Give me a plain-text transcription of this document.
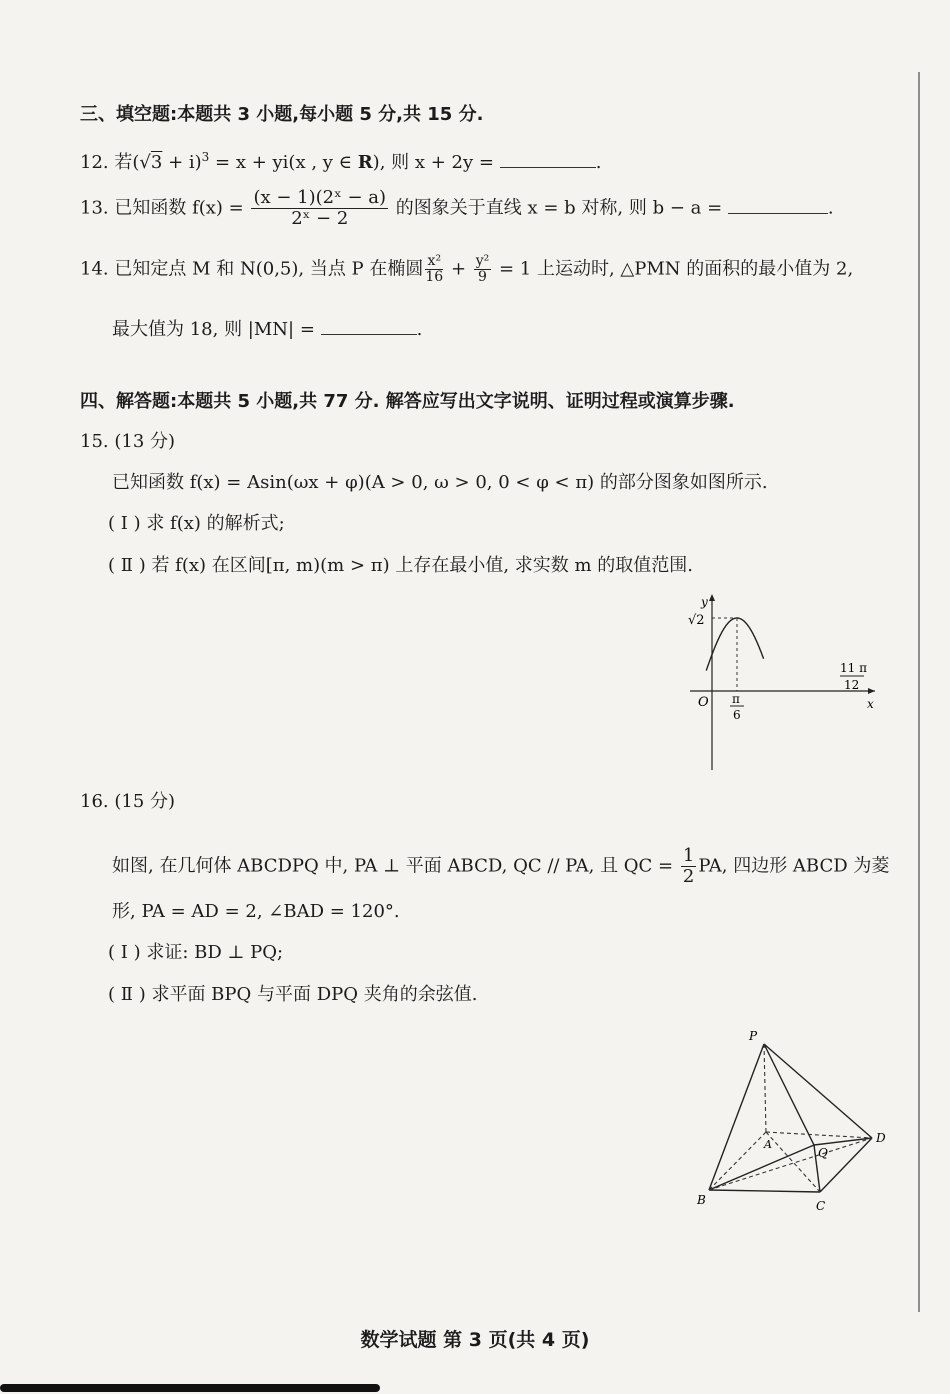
三、填空题:本题共 3 小题,每小题 5 分,共 15 分.
12. 若$(√3 + i)^3 = x + yi(x$ , y ∈ R), 则 x + 2y =	.
13. 已知函数 $f(x) = \frac{\text{(x − 1)(2ˣ − a)}}{\text{2ˣ − 2}}$ 的图象关于直线 x = b 对称, 则 b − a =	.
14. 已知定点 M 和 N(0,5), 当点 P 在椭圆 $\frac{\text{x²}}{16} + \frac{\text{y²}}{9} = 1$ 上运动时, △PMN 的面积的最小值为 2,
最大值为 18, 则 |MN| =	.
四、解答题:本题共 5 小题,共 77 分. 解答应写出文字说明、证明过程或演算步骤.
15. (13 分)
已知函数 f(x) = Asin(ωx + φ)(A > 0, ω > 0, 0 < φ < π) 的部分图象如图所示.
( Ⅰ ) 求 f(x) 的解析式;
( Ⅱ ) 若 f(x) 在区间[π, m)(m > π) 上存在最小值, 求实数 m 的取值范围.
y
x
O
√2
π
6
11 π
12
16. (15 分)
如图, 在几何体 ABCDPQ 中, PA ⊥ 平面 ABCD, QC // PA, 且 QC = $\frac{1}{2}$ PA, 四边形 ABCD 为菱
形, PA = AD = 2, ∠BAD = 120°.
( Ⅰ ) 求证: BD ⊥ PQ;
( Ⅱ ) 求平面 BPQ 与平面 DPQ 夹角的余弦值.
P
A
Q
D
B	C
数学试题 第 3 页(共 4 页)
